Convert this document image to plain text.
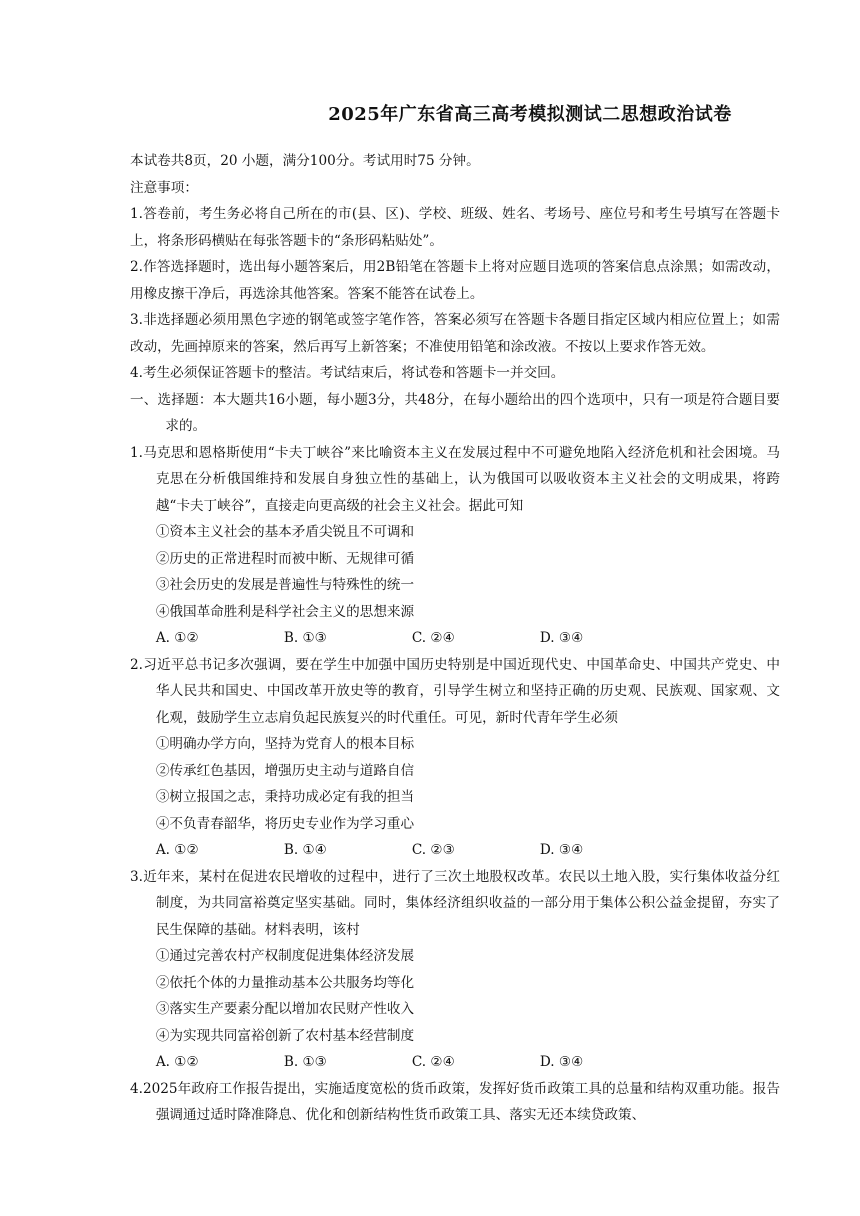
2025年广东省高三高考模拟测试二思想政治试卷

本试卷共8页，20 小题，满分100分。考试用时75 分钟。

注意事项：

1.答卷前，考生务必将自己所在的市(县、区)、学校、班级、姓名、考场号、座位号和考生号填写在答题卡上，将条形码横贴在每张答题卡的“条形码粘贴处”。

2.作答选择题时，选出每小题答案后，用2B铅笔在答题卡上将对应题目选项的答案信息点涂黑；如需改动，用橡皮擦干净后，再选涂其他答案。答案不能答在试卷上。

3.非选择题必须用黑色字迹的钢笔或签字笔作答，答案必须写在答题卡各题目指定区域内相应位置上；如需改动，先画掉原来的答案，然后再写上新答案；不准使用铅笔和涂改液。不按以上要求作答无效。

4.考生必须保证答题卡的整洁。考试结束后，将试卷和答题卡一并交回。

一、选择题：本大题共16小题，每小题3分，共48分，在每小题给出的四个选项中，只有一项是符合题目要求的。

1.马克思和恩格斯使用“卡夫丁峡谷”来比喻资本主义在发展过程中不可避免地陷入经济危机和社会困境。马克思在分析俄国维持和发展自身独立性的基础上，认为俄国可以吸收资本主义社会的文明成果，将跨越“卡夫丁峡谷”，直接走向更高级的社会主义社会。据此可知

①资本主义社会的基本矛盾尖锐且不可调和

②历史的正常进程时而被中断、无规律可循

③社会历史的发展是普遍性与特殊性的统一

④俄国革命胜利是科学社会主义的思想来源

A. ①②	B. ①③	C. ②④	D. ③④

2.习近平总书记多次强调，要在学生中加强中国历史特别是中国近现代史、中国革命史、中国共产党史、中华人民共和国史、中国改革开放史等的教育，引导学生树立和坚持正确的历史观、民族观、国家观、文化观，鼓励学生立志肩负起民族复兴的时代重任。可见，新时代青年学生必须

①明确办学方向，坚持为党育人的根本目标

②传承红色基因，增强历史主动与道路自信

③树立报国之志，秉持功成必定有我的担当

④不负青春韶华，将历史专业作为学习重心

A. ①②	B. ①④	C. ②③	D. ③④

3.近年来，某村在促进农民增收的过程中，进行了三次土地股权改革。农民以土地入股，实行集体收益分红制度，为共同富裕奠定坚实基础。同时，集体经济组织收益的一部分用于集体公积公益金提留，夯实了民生保障的基础。材料表明，该村

①通过完善农村产权制度促进集体经济发展

②依托个体的力量推动基本公共服务均等化

③落实生产要素分配以增加农民财产性收入

④为实现共同富裕创新了农村基本经营制度

A. ①②	B. ①③	C. ②④	D. ③④

4.2025年政府工作报告提出，实施适度宽松的货币政策，发挥好货币政策工具的总量和结构双重功能。报告强调通过适时降准降息、优化和创新结构性货币政策工具、落实无还本续贷政策、
